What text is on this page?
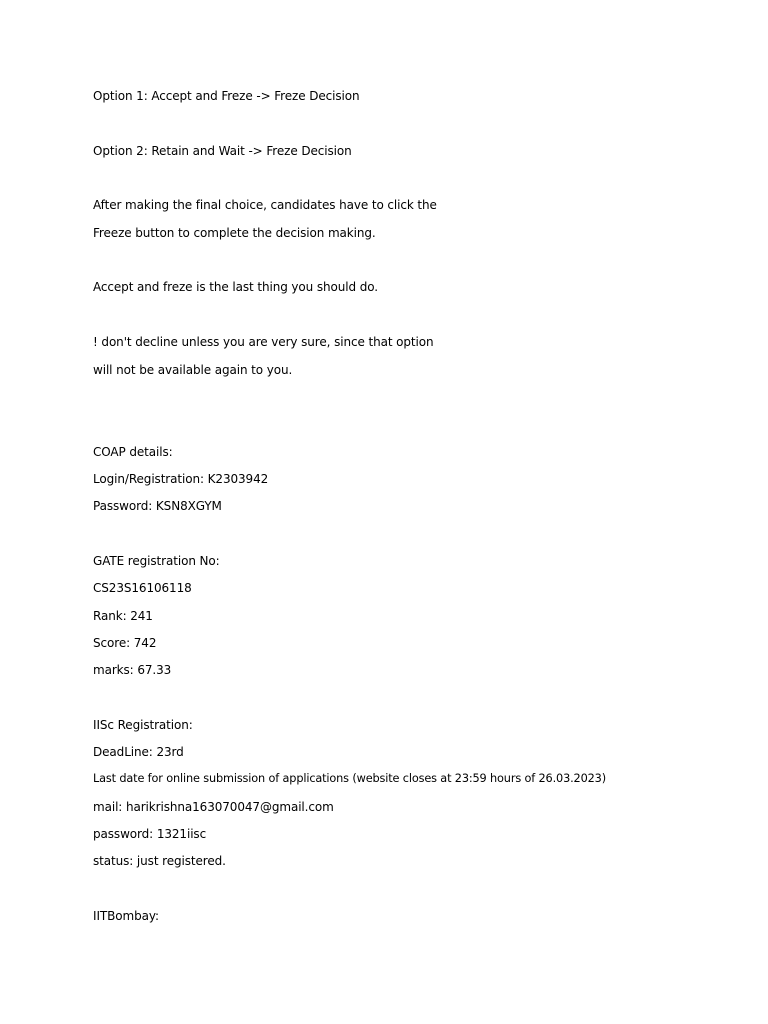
Option 1: Accept and Freze -> Freze Decision
Option 2: Retain and Wait -> Freze Decision
After making the final choice, candidates have to click the
Freeze button to complete the decision making.
Accept and freze is the last thing you should do.
! don't decline unless you are very sure, since that option
will not be available again to you.
COAP details:
Login/Registration: K2303942
Password: KSN8XGYM
GATE registration No:
CS23S16106118
Rank: 241
Score: 742
marks: 67.33
IISc Registration:
DeadLine: 23rd
Last date for online submission of applications (website closes at 23:59 hours of 26.03.2023)
mail: harikrishna163070047@gmail.com
password: 1321iisc
status: just registered.
IITBombay:
